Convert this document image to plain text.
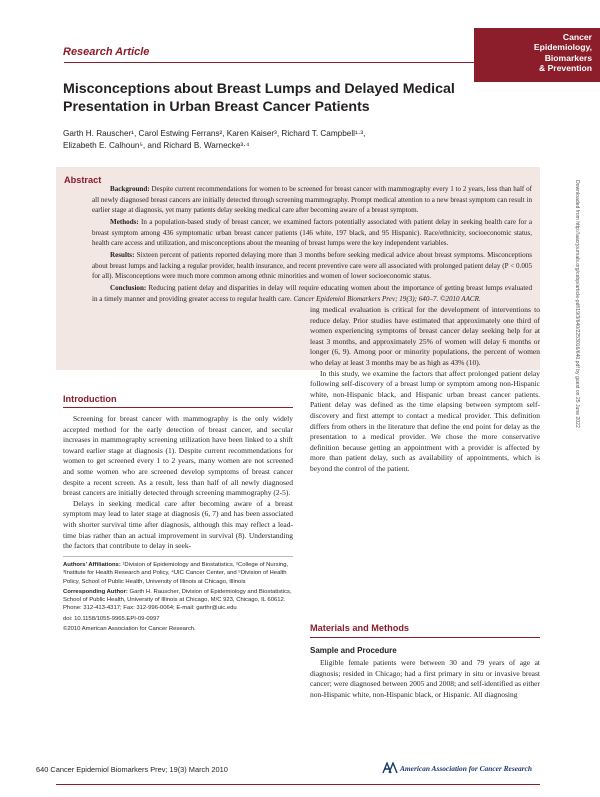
Cancer
Epidemiology,
Biomarkers
& Prevention
Research Article
Misconceptions about Breast Lumps and Delayed Medical Presentation in Urban Breast Cancer Patients
Garth H. Rauscher¹, Carol Estwing Ferrans², Karen Kaiser³, Richard T. Campbell¹·³,
Elizabeth E. Calhoun⁵, and Richard B. Warnecke³·⁴
Abstract

Background: Despite current recommendations for women to be screened for breast cancer with mammography every 1 to 2 years, less than half of all newly diagnosed breast cancers are initially detected through screening mammography. Prompt medical attention to a new breast symptom can result in earlier stage at diagnosis, yet many patients delay seeking medical care after becoming aware of a breast symptom.

Methods: In a population-based study of breast cancer, we examined factors potentially associated with patient delay in seeking health care for a breast symptom among 436 symptomatic urban breast cancer patients (146 white, 197 black, and 95 Hispanic). Race/ethnicity, socioeconomic status, health care access and utilization, and misconceptions about the meaning of breast lumps were the key independent variables.

Results: Sixteen percent of patients reported delaying more than 3 months before seeking medical advice about breast symptoms. Misconceptions about breast lumps and lacking a regular provider, health insurance, and recent preventive care were all associated with prolonged patient delay (P < 0.005 for all). Misconceptions were much more common among ethnic minorities and women of lower socioeconomic status.

Conclusion: Reducing patient delay and disparities in delay will require educating women about the importance of getting breast lumps evaluated in a timely manner and providing greater access to regular health care. Cancer Epidemiol Biomarkers Prev; 19(3); 640–7. ©2010 AACR.	Downloaded from http://aacrjournals.org/cebp/article-pdf/19/3/640/2253016/640.pdf by guest on 25 June 2022
Introduction

Screening for breast cancer with mammography is the only widely accepted method for the early detection of breast cancer, and secular increases in mammography screening utilization have been linked to a shift toward earlier stage at diagnosis (1). Despite current recommendations for women to get screened every 1 to 2 years, many women are not screened and some women who are screened develop symptoms of breast cancer despite a recent screen. As a result, less than half of all newly diagnosed breast cancers are initially detected through screening mammography (2-5).

Delays in seeking medical care after becoming aware of a breast symptom may lead to later stage at diagnosis (6, 7) and has been associated with shorter survival time after diagnosis, although this may reflect a lead-time bias rather than an actual improvement in survival (8). Understanding the factors that contribute to delay in seek-

Authors' Affiliations: ¹Division of Epidemiology and Biostatistics, ²College of Nursing, ³Institute for Health Research and Policy, ⁴UIC Cancer Center, and ⁵Division of Health Policy, School of Public Health, University of Illinois at Chicago, Illinois

Corresponding Author: Garth H. Rauscher, Division of Epidemiology and Biostatistics, School of Public Health, University of Illinois at Chicago, M/C 923, Chicago, IL 60612. Phone: 312-413-4317; Fax: 312-996-0064; E-mail: garthr@uic.edu

doi: 10.1158/1055-9965.EPI-09-0997

©2010 American Association for Cancer Research.

ing medical evaluation is critical for the development of interventions to reduce delay. Prior studies have estimated that approximately one third of women experiencing symptoms of breast cancer delay seeking help for at least 3 months, and approximately 25% of women will delay 6 months or longer (6, 9). Among poor or minority populations, the percent of women who delay at least 3 months may be as high as 43% (10).

In this study, we examine the factors that affect prolonged patient delay following self-discovery of a breast lump or symptom among non-Hispanic white, non-Hispanic black, and Hispanic urban breast cancer patients. Patient delay was defined as the time elapsing between symptom self-discovery and first attempt to contact a medical provider. This definition differs from others in the literature that define the end point for delay as the presentation to a medical provider. We chose the more conservative definition because getting an appointment with a provider is affected by more than patient delay, such as availability of appointments, which is beyond the control of the patient.

Materials and Methods
Sample and Procedure

Eligible female patients were between 30 and 79 years of age at diagnosis; resided in Chicago; had a first primary in situ or invasive breast cancer; were diagnosed between 2005 and 2008; and self-identified as either non-Hispanic white, non-Hispanic black, or Hispanic. All diagnosing

640 Cancer Epidemiol Biomarkers Prev; 19(3) March 2010	American Association for Cancer Research
